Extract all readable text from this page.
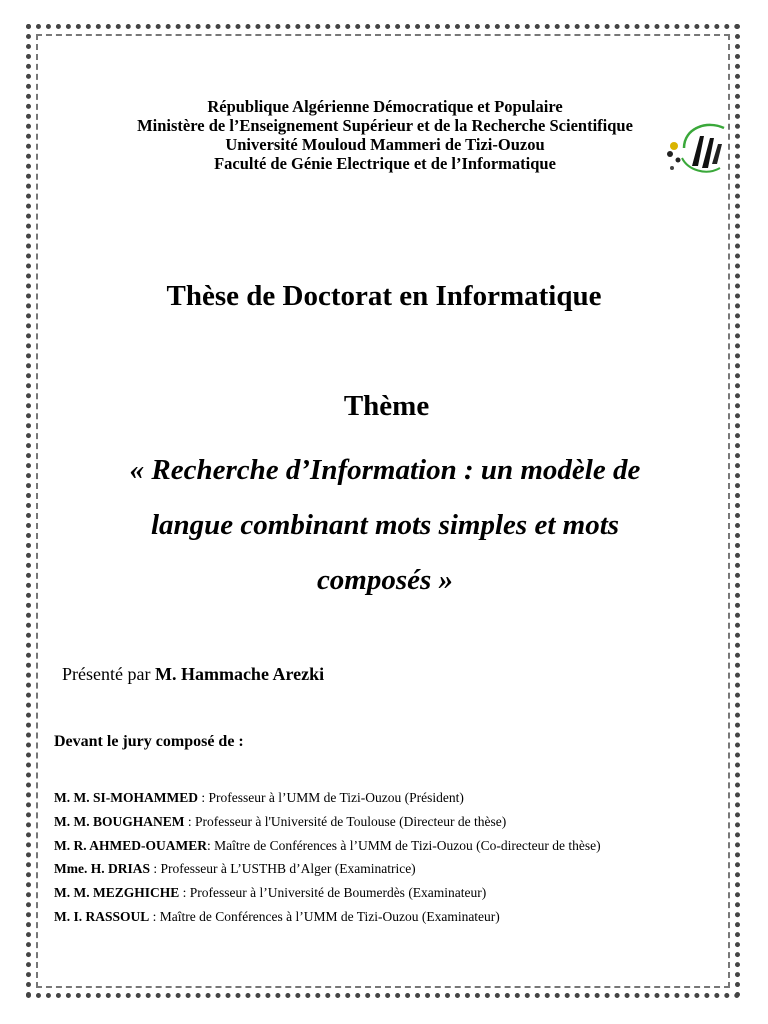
République Algérienne Démocratique et Populaire
Ministère de l’Enseignement Supérieur et de la Recherche Scientifique
Université Mouloud Mammeri de Tizi-Ouzou
Faculté de Génie Electrique et de l’Informatique
Thèse de Doctorat en Informatique
Thème
« Recherche d’Information : un modèle de
langue combinant mots simples et mots
composés »
Présenté par M. Hammache Arezki
Devant le jury composé de :
M. M. SI-MOHAMMED : Professeur à l’UMM de Tizi-Ouzou (Président)
M. M. BOUGHANEM : Professeur à l'Université de Toulouse (Directeur de thèse)
M. R. AHMED-OUAMER: Maître de Conférences à l’UMM de Tizi-Ouzou (Co-directeur de thèse)
Mme. H. DRIAS : Professeur à L’USTHB d’Alger (Examinatrice)
M. M. MEZGHICHE : Professeur à l’Université de Boumerdès (Examinateur)
M. I. RASSOUL : Maître de Conférences à l’UMM de Tizi-Ouzou (Examinateur)
